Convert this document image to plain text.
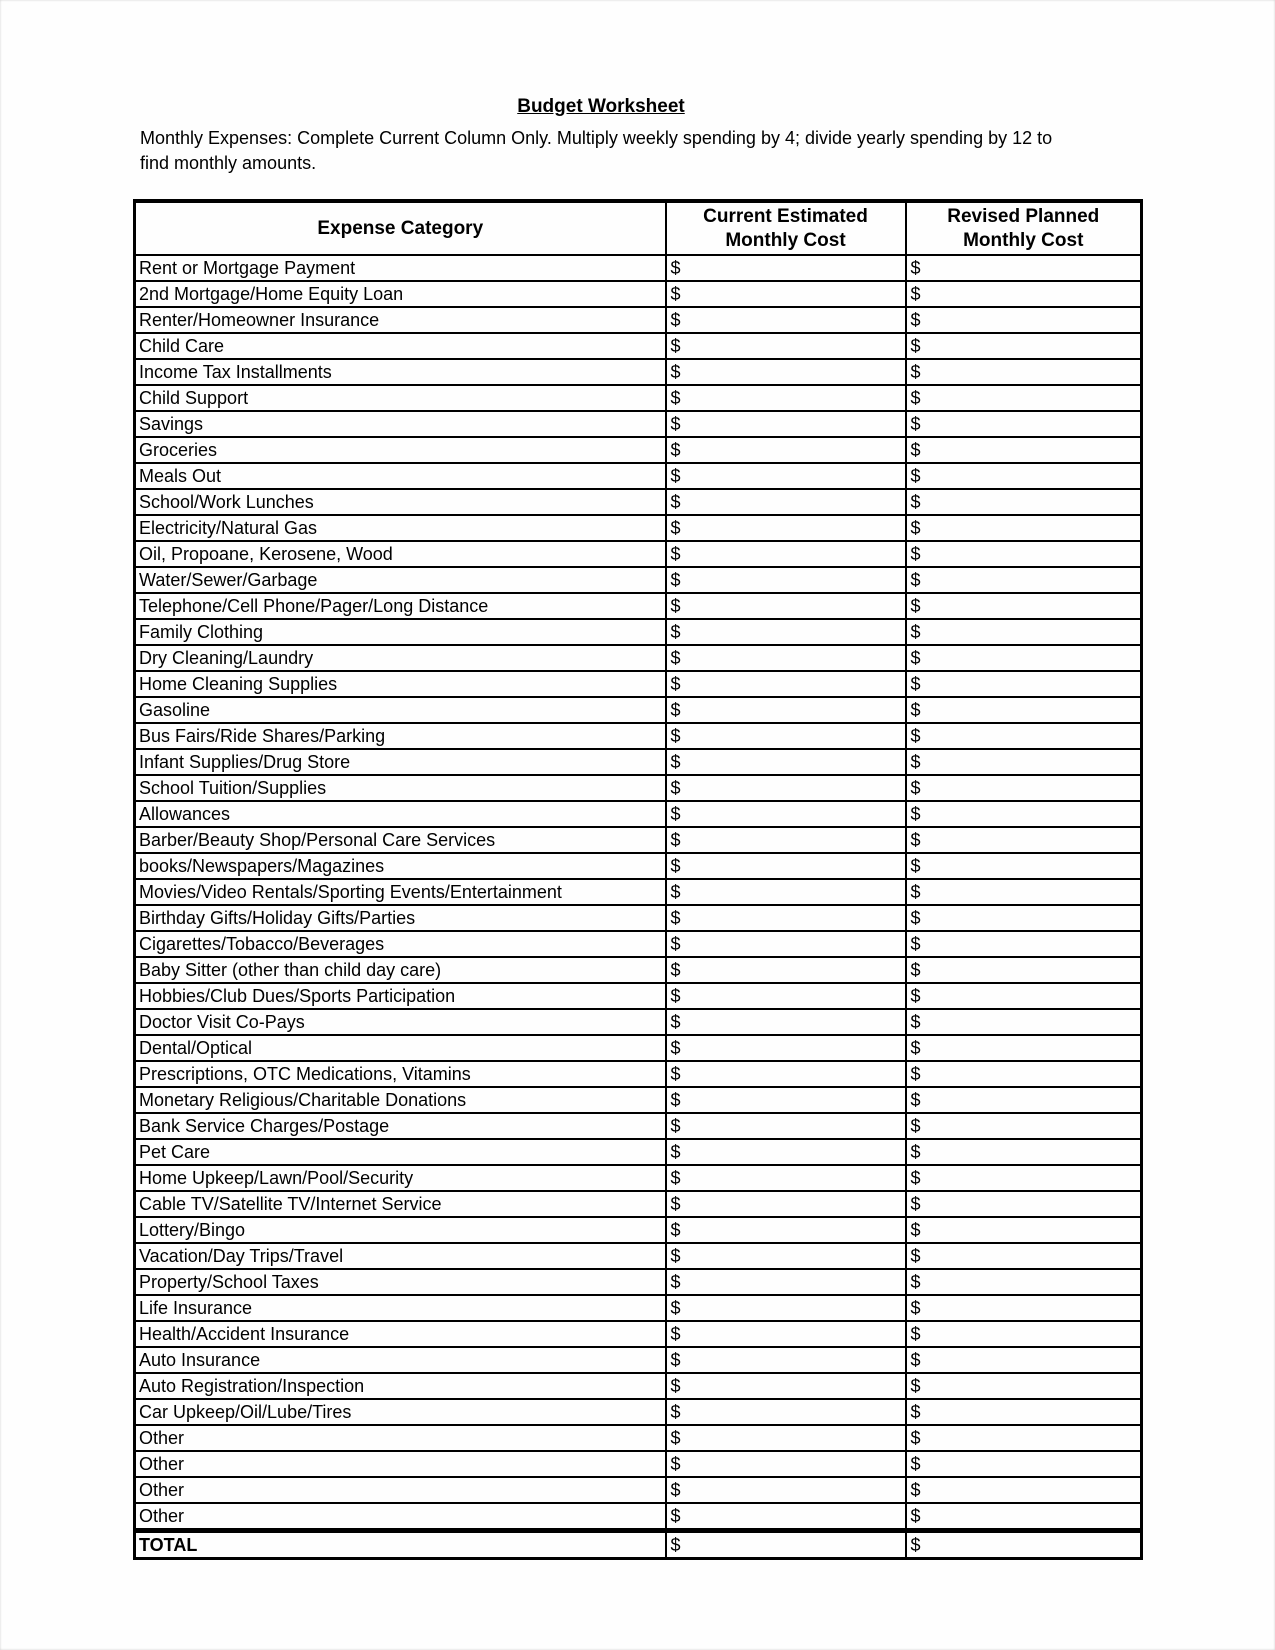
Budget Worksheet

Monthly Expenses: Complete Current Column Only. Multiply weekly spending by 4; divide yearly spending by 12 to find monthly amounts.

Expense Category	Current Estimated Monthly Cost	Revised Planned Monthly Cost
Rent or Mortgage Payment	$	$
2nd Mortgage/Home Equity Loan	$	$
Renter/Homeowner Insurance	$	$
Child Care	$	$
Income Tax Installments	$	$
Child Support	$	$
Savings	$	$
Groceries	$	$
Meals Out	$	$
School/Work Lunches	$	$
Electricity/Natural Gas	$	$
Oil, Propoane, Kerosene, Wood	$	$
Water/Sewer/Garbage	$	$
Telephone/Cell Phone/Pager/Long Distance	$	$
Family Clothing	$	$
Dry Cleaning/Laundry	$	$
Home Cleaning Supplies	$	$
Gasoline	$	$
Bus Fairs/Ride Shares/Parking	$	$
Infant Supplies/Drug Store	$	$
School Tuition/Supplies	$	$
Allowances	$	$
Barber/Beauty Shop/Personal Care Services	$	$
books/Newspapers/Magazines	$	$
Movies/Video Rentals/Sporting Events/Entertainment	$	$
Birthday Gifts/Holiday Gifts/Parties	$	$
Cigarettes/Tobacco/Beverages	$	$
Baby Sitter (other than child day care)	$	$
Hobbies/Club Dues/Sports Participation	$	$
Doctor Visit Co-Pays	$	$
Dental/Optical	$	$
Prescriptions, OTC Medications, Vitamins	$	$
Monetary Religious/Charitable Donations	$	$
Bank Service Charges/Postage	$	$
Pet Care	$	$
Home Upkeep/Lawn/Pool/Security	$	$
Cable TV/Satellite TV/Internet Service	$	$
Lottery/Bingo	$	$
Vacation/Day Trips/Travel	$	$
Property/School Taxes	$	$
Life Insurance	$	$
Health/Accident Insurance	$	$
Auto Insurance	$	$
Auto Registration/Inspection	$	$
Car Upkeep/Oil/Lube/Tires	$	$
Other	$	$
Other	$	$
Other	$	$
Other	$	$
TOTAL	$	$
